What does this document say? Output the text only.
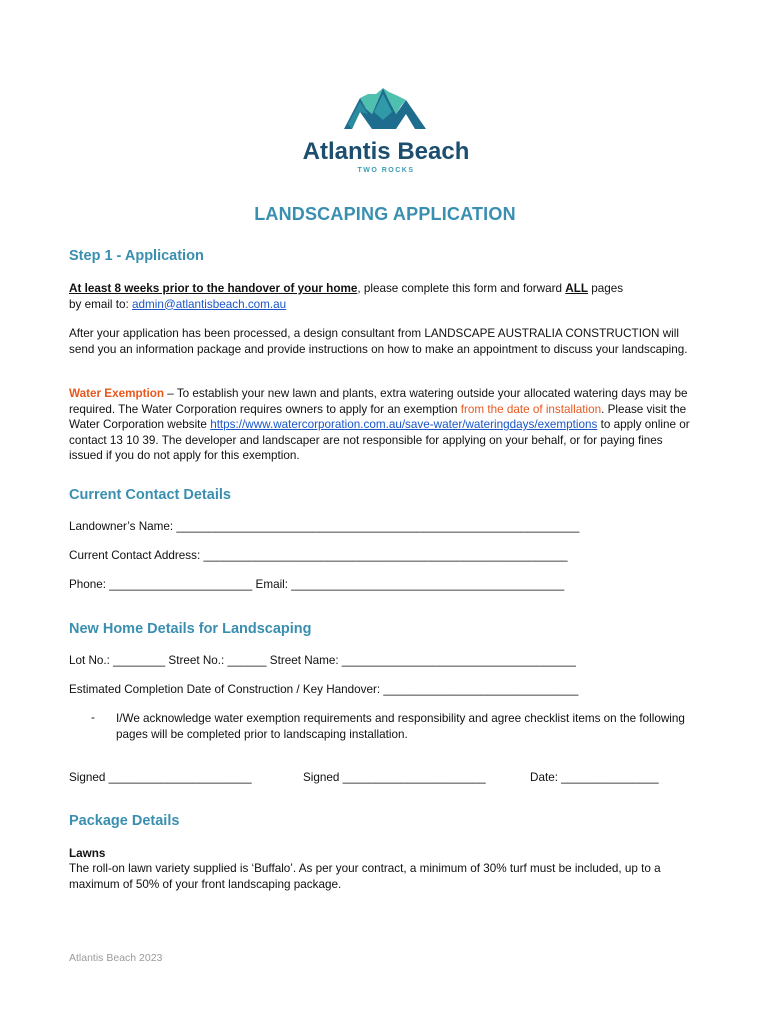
Atlantis Beach
TWO ROCKS
LANDSCAPING APPLICATION
Step 1 - Application
At least 8 weeks prior to the handover of your home, please complete this form and forward ALL pages
by email to: admin@atlantisbeach.com.au
After your application has been processed, a design consultant from LANDSCAPE AUSTRALIA CONSTRUCTION will send you an information package and provide instructions on how to make an appointment to discuss your landscaping.
Water Exemption – To establish your new lawn and plants, extra watering outside your allocated watering days may be required. The Water Corporation requires owners to apply for an exemption from the date of installation. Please visit the Water Corporation website https://www.watercorporation.com.au/save-water/wateringdays/exemptions to apply online or contact 13 10 39. The developer and landscaper are not responsible for applying on your behalf, or for paying fines issued if you do not apply for this exemption.
Current Contact Details
Landowner’s Name: ______________________________________________________________
Current Contact Address: ________________________________________________________
Phone: ______________________ Email: __________________________________________
New Home Details for Landscaping
Lot No.: ________ Street No.: ______ Street Name: ____________________________________
Estimated Completion Date of Construction / Key Handover: ______________________________
- I/We acknowledge water exemption requirements and responsibility and agree checklist items on the following pages will be completed prior to landscaping installation.
Signed ______________________	Signed ______________________	Date: _______________
Package Details
Lawns
The roll-on lawn variety supplied is ‘Buffalo’. As per your contract, a minimum of 30% turf must be included, up to a maximum of 50% of your front landscaping package.
Atlantis Beach 2023
